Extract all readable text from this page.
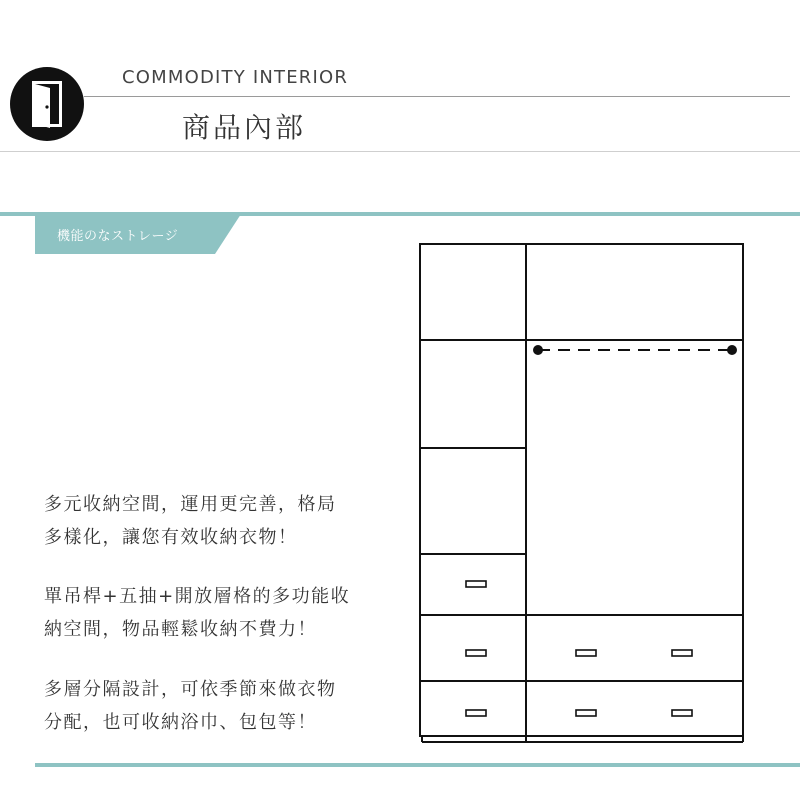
COMMODITY INTERIOR
商品內部
機能のなストレージ
多元收納空間，運用更完善，格局
多樣化，讓您有效收納衣物！
單吊桿+五抽+開放層格的多功能收
納空間，物品輕鬆收納不費力！
多層分隔設計，可依季節來做衣物
分配，也可收納浴巾、包包等！
